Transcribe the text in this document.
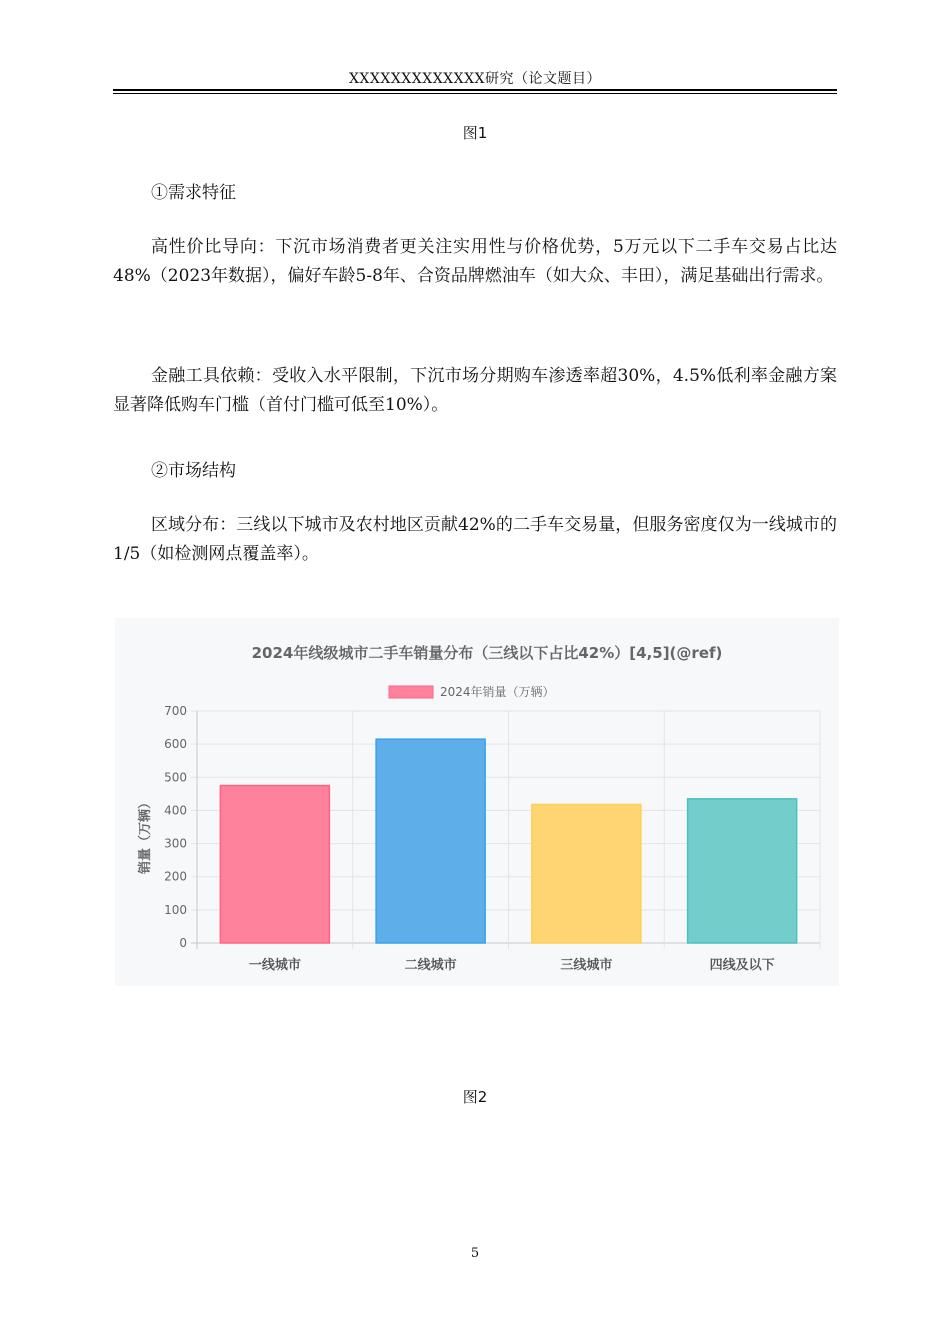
XXXXXXXXXXXXX研究（论文题目）
图1
①需求特征

高性价比导向：下沉市场消费者更关注实用性与价格优势，5万元以下二手车交易占比达48%（2023年数据），偏好车龄5-8年、合资品牌燃油车（如大众、丰田），满足基础出行需求。

金融工具依赖：受收入水平限制，下沉市场分期购车渗透率超30%，4.5%低利率金融方案显著降低购车门槛（首付门槛可低至10%）。

②市场结构

区域分布：三线以下城市及农村地区贡献42%的二手车交易量，但服务密度仅为一线城市的1/5（如检测网点覆盖率）。

2024年线级城市二手车销量分布（三线以下占比42%）[4,5](@ref)
2024年销量（万辆）
销量（万辆）
0
100
200
300
400
500
600
700
一线城市	二线城市	三线城市	四线及以下
图2
5
